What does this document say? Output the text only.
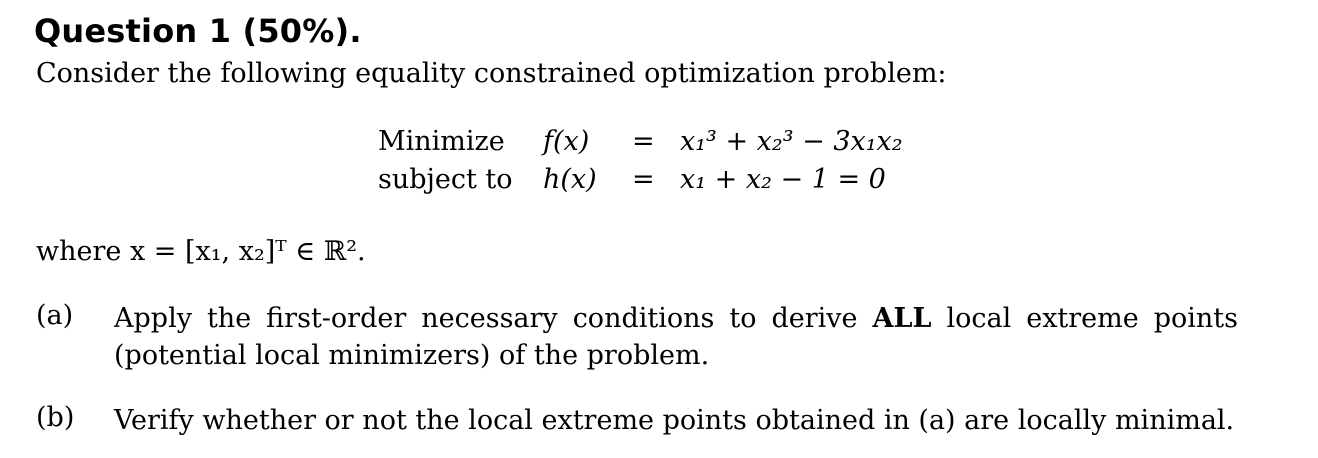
Question 1 (50%).
Consider the following equality constrained optimization problem:
Minimize f(x) = x₁³ + x₂³ − 3x₁x₂
subject to h(x) = x₁ + x₂ − 1 = 0
where x = [x₁, x₂]ᵀ ∈ ℝ².
(a) Apply the first-order necessary conditions to derive ALL local extreme points (potential local minimizers) of the problem.
(b) Verify whether or not the local extreme points obtained in (a) are locally minimal.
